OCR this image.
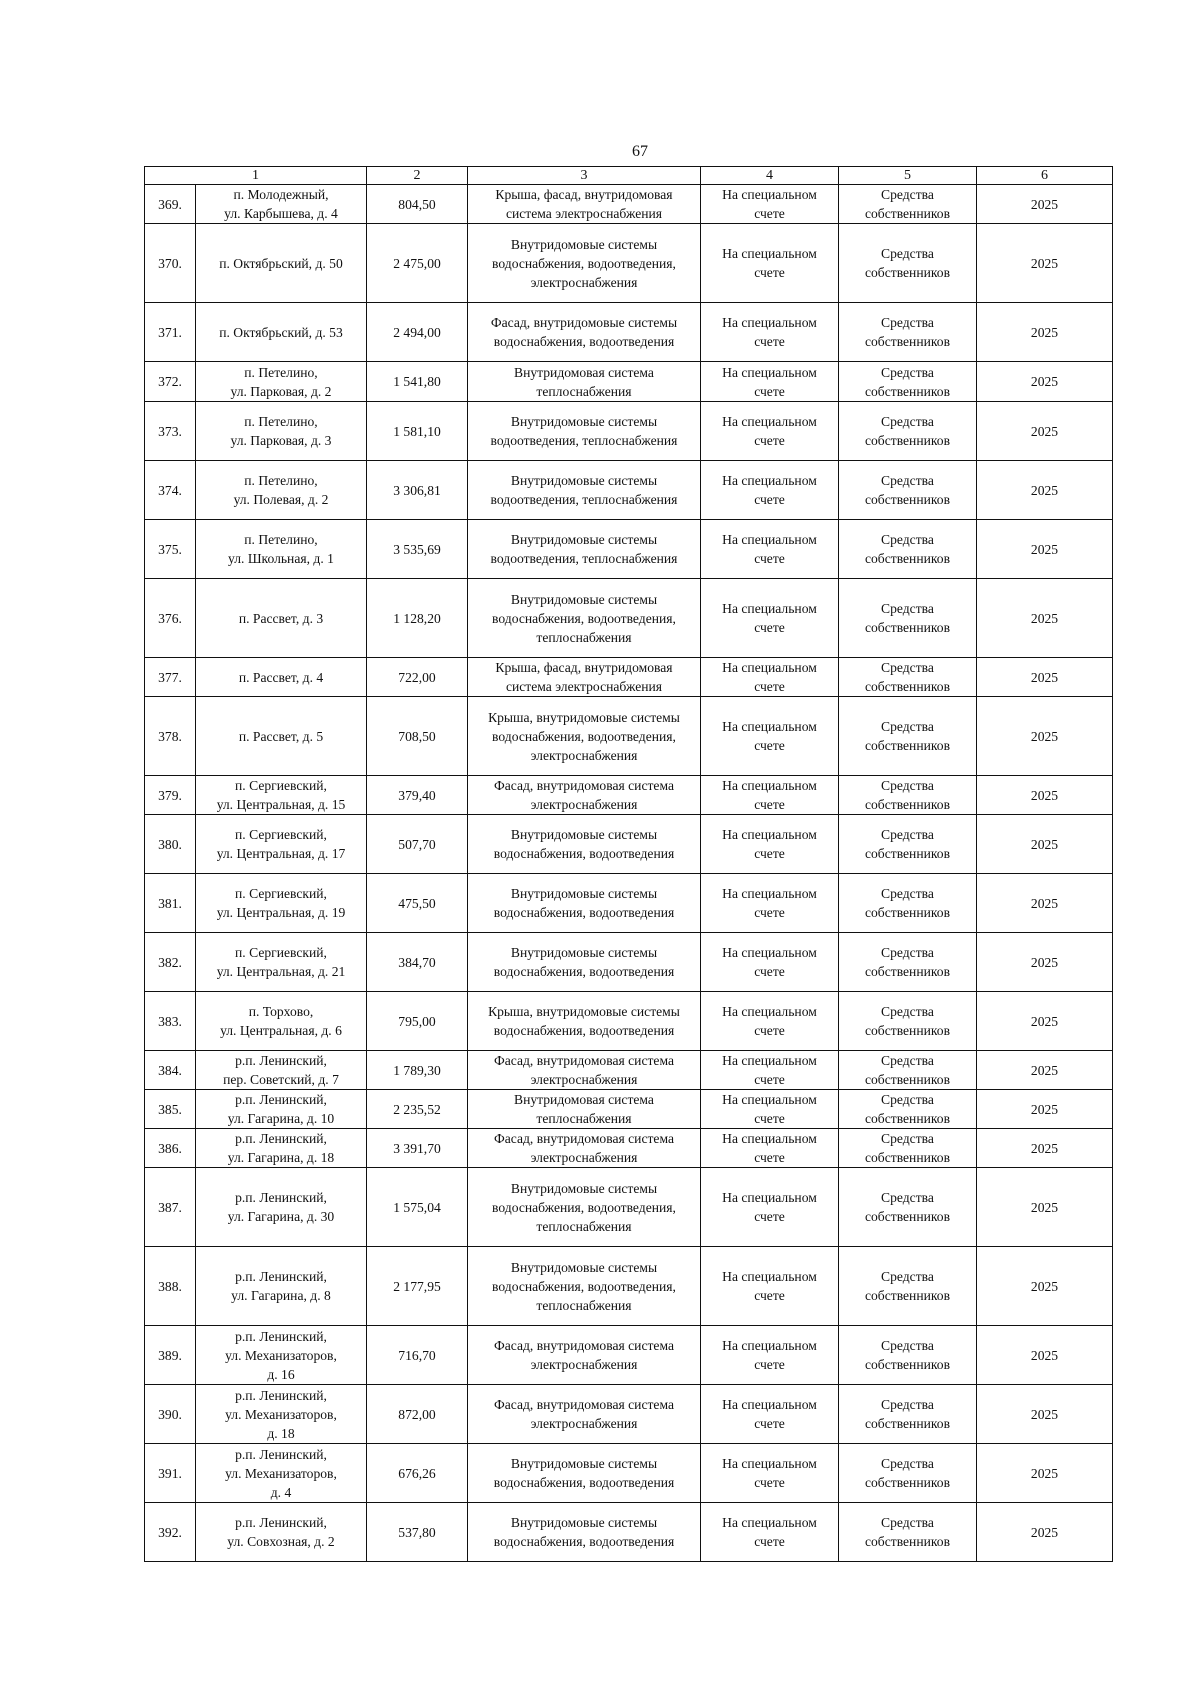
67
1		2	3	4	5	6
369.	п. Молодежный,
ул. Карбышева, д. 4	804,50	Крыша, фасад, внутридомовая
система электроснабжения	На специальном
счете	Средства
собственников	2025
370.	п. Октябрьский, д. 50	2 475,00	Внутридомовые системы
водоснабжения, водоотведения,
электроснабжения	На специальном
счете	Средства
собственников	2025
371.	п. Октябрьский, д. 53	2 494,00	Фасад, внутридомовые системы
водоснабжения, водоотведения	На специальном
счете	Средства
собственников	2025
372.	п. Петелино,
ул. Парковая, д. 2	1 541,80	Внутридомовая система
теплоснабжения	На специальном
счете	Средства
собственников	2025
373.	п. Петелино,
ул. Парковая, д. 3	1 581,10	Внутридомовые системы
водоотведения, теплоснабжения	На специальном
счете	Средства
собственников	2025
374.	п. Петелино,
ул. Полевая, д. 2	3 306,81	Внутридомовые системы
водоотведения, теплоснабжения	На специальном
счете	Средства
собственников	2025
375.	п. Петелино,
ул. Школьная, д. 1	3 535,69	Внутридомовые системы
водоотведения, теплоснабжения	На специальном
счете	Средства
собственников	2025
376.	п. Рассвет, д. 3	1 128,20	Внутридомовые системы
водоснабжения, водоотведения,
теплоснабжения	На специальном
счете	Средства
собственников	2025
377.	п. Рассвет, д. 4	722,00	Крыша, фасад, внутридомовая
система электроснабжения	На специальном
счете	Средства
собственников	2025
378.	п. Рассвет, д. 5	708,50	Крыша, внутридомовые системы
водоснабжения, водоотведения,
электроснабжения	На специальном
счете	Средства
собственников	2025
379.	п. Сергиевский,
ул. Центральная, д. 15	379,40	Фасад, внутридомовая система
электроснабжения	На специальном
счете	Средства
собственников	2025
380.	п. Сергиевский,
ул. Центральная, д. 17	507,70	Внутридомовые системы
водоснабжения, водоотведения	На специальном
счете	Средства
собственников	2025
381.	п. Сергиевский,
ул. Центральная, д. 19	475,50	Внутридомовые системы
водоснабжения, водоотведения	На специальном
счете	Средства
собственников	2025
382.	п. Сергиевский,
ул. Центральная, д. 21	384,70	Внутридомовые системы
водоснабжения, водоотведения	На специальном
счете	Средства
собственников	2025
383.	п. Торхово,
ул. Центральная, д. 6	795,00	Крыша, внутридомовые системы
водоснабжения, водоотведения	На специальном
счете	Средства
собственников	2025
384.	р.п. Ленинский,
пер. Советский, д. 7	1 789,30	Фасад, внутридомовая система
электроснабжения	На специальном
счете	Средства
собственников	2025
385.	р.п. Ленинский,
ул. Гагарина, д. 10	2 235,52	Внутридомовая система
теплоснабжения	На специальном
счете	Средства
собственников	2025
386.	р.п. Ленинский,
ул. Гагарина, д. 18	3 391,70	Фасад, внутридомовая система
электроснабжения	На специальном
счете	Средства
собственников	2025
387.	р.п. Ленинский,
ул. Гагарина, д. 30	1 575,04	Внутридомовые системы
водоснабжения, водоотведения,
теплоснабжения	На специальном
счете	Средства
собственников	2025
388.	р.п. Ленинский,
ул. Гагарина, д. 8	2 177,95	Внутридомовые системы
водоснабжения, водоотведения,
теплоснабжения	На специальном
счете	Средства
собственников	2025
389.	р.п. Ленинский,
ул. Механизаторов,
д. 16	716,70	Фасад, внутридомовая система
электроснабжения	На специальном
счете	Средства
собственников	2025
390.	р.п. Ленинский,
ул. Механизаторов,
д. 18	872,00	Фасад, внутридомовая система
электроснабжения	На специальном
счете	Средства
собственников	2025
391.	р.п. Ленинский,
ул. Механизаторов,
д. 4	676,26	Внутридомовые системы
водоснабжения, водоотведения	На специальном
счете	Средства
собственников	2025
392.	р.п. Ленинский,
ул. Совхозная, д. 2	537,80	Внутридомовые системы
водоснабжения, водоотведения	На специальном
счете	Средства
собственников	2025
